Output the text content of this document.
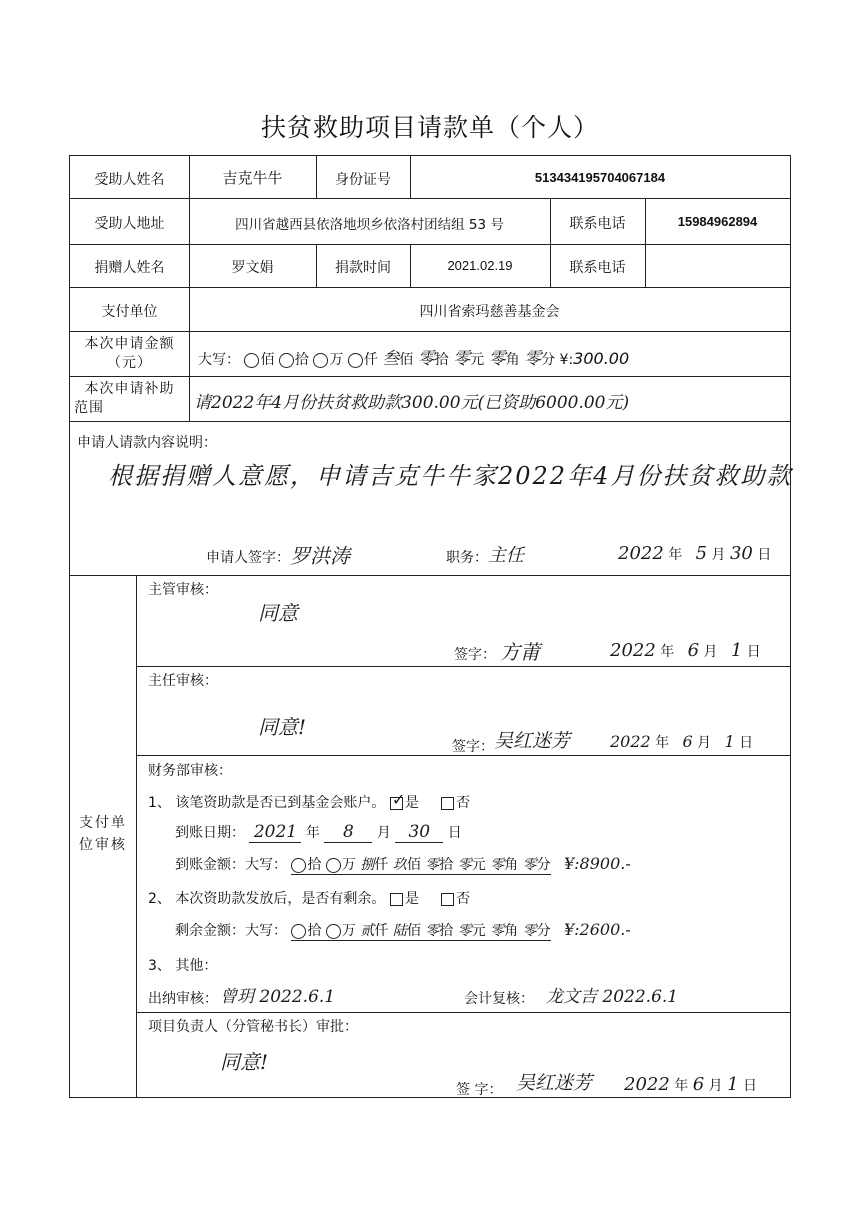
扶贫救助项目请款单（个人）
受助人姓名	吉克牛牛	身份证号	513434195704067184
受助人地址	四川省越西县依洛地坝乡依洛村团结组 53 号	联系电话	15984962894
捐赠人姓名	罗文娟	捐款时间	2021.02.19	联系电话
支付单位	四川省索玛慈善基金会
本次申请金额
（元）	大写： 佰 拾 万 仟 叁佰 零拾 零元 零角 零分 ¥:300.00
本次申请补助

范围	请2022年4月份扶贫救助款300.00元(已资助6000.00元)
申请人请款内容说明：
根据捐赠人意愿，申请吉克牛牛家2022年4月份扶贫救助款
申请人签字： 罗洪涛	职务： 主任	2022 年 5 月 30 日
支付单
位审核
主管审核：
同意
签字： 方莆	2022 年 6 月 1 日
主任审核：
同意!
签字： 吴红迷芳 2022 年 6 月 1 日
财务部审核：
1、 该笔资助款是否已到基金会账户。 ✓ 是	否
到账日期： 2021 年 8 月 30 日
到账金额：大写： 拾 万 捌仟 玖佰 零拾 零元 零角 零分 ¥:8900.-
2、 本次资助款发放后，是否有剩余。 是	否
剩余金额：大写： 拾 万 贰仟 陆佰 零拾 零元 零角 零分 ¥:2600.-
3、 其他：
出纳审核： 曾玥 2022.6.1	会计复核： 龙文吉 2022.6.1
项目负责人（分管秘书长）审批：
同意!
签 字： 吴红迷芳 2022 年 6 月 1 日
